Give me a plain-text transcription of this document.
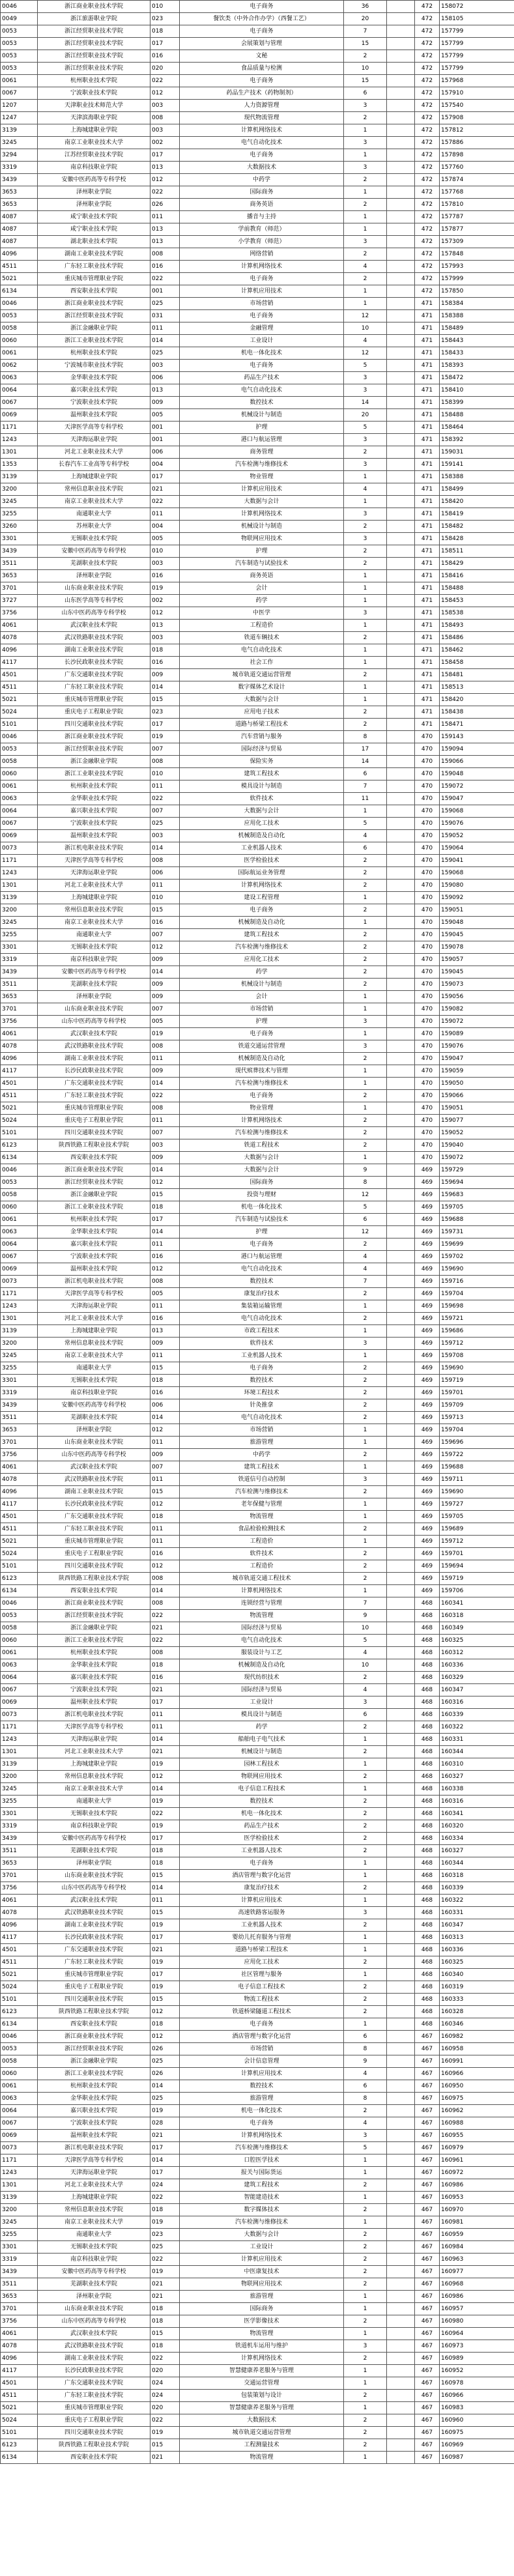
0046	浙江商业职业技术学院	010	电子商务	36		472	158072
0049	浙江旅游职业学院	023	餐饮类（中外合作办学）（西餐工艺）	20		472	158105
0053	浙江经贸职业技术学院	018	电子商务	7		472	157799
0053	浙江经贸职业技术学院	017	会展策划与管理	15		472	157799
0053	浙江经贸职业技术学院	016	文秘	2		472	157799
0053	浙江经贸职业技术学院	020	食品质量与检测	10		472	157799
0061	杭州职业技术学院	022	电子商务	15		472	157968
0067	宁波职业技术学院	012	药品生产技术（药物制剂）	6		472	157910
1207	天津职业技术师范大学	003	人力资源管理	3		472	157540
1247	天津滨海职业学院	008	现代物流管理	2		472	157908
3139	上海城建职业学院	003	计算机网络技术	1		472	157812
3245	南京工业职业技术大学	002	电气自动化技术	3		472	157886
3294	江苏经贸职业技术学院	017	电子商务	1		472	157898
3319	南京科技职业学院	013	大数据技术	3		472	157760
3439	安徽中医药高等专科学校	012	中药学	2		472	157874
3653	泽州职业学院	022	国际商务	1		472	157768
3653	泽州职业学院	026	商务英语	2		472	157810
4087	咸宁职业技术学院	011	播音与主持	1		472	157787
4087	咸宁职业技术学院	013	学前教育（师范）	1		472	157877
4087	湖北职业技术学院	013	小学教育（师范）	3		472	157309
4096	湖南工业职业技术学院	008	网络营销	2		472	157848
4511	广东轻工职业技术学院	016	计算机网络技术	4		472	157993
5021	重庆城市管理职业学院	022	电子商务	2		472	157999
6134	西安职业技术学院	001	计算机应用技术	1		472	157850
0046	浙江商业职业技术学院	025	市场营销	1		471	158384
0053	浙江经贸职业技术学院	031	电子商务	12		471	158388
0058	浙江金融职业学院	011	金融管理	10		471	158489
0060	浙江工业职业技术学院	014	工业设计	4		471	158443
0061	杭州职业技术学院	025	机电一体化技术	12		471	158433
0062	宁波城市职业技术学院	003	电子商务	5		471	158393
0063	金华职业技术学院	006	药品生产技术	3		471	158472
0064	嘉兴职业技术学院	013	电气自动化技术	3		471	158410
0067	宁波职业技术学院	009	数控技术	14		471	158399
0069	温州职业技术学院	005	机械设计与制造	20		471	158488
1171	天津医学高等专科学校	001	护理	5		471	158464
1243	天津海运职业学院	001	港口与航运管理	3		471	158392
1301	河北工业职业技术大学	006	商务管理	2		471	159031
1353	长春汽车工业高等专科学校	004	汽车检测与维修技术	3		471	159141
3139	上海城建职业学院	017	物业管理	1		471	158388
3200	常州信息职业技术学院	021	计算机应用技术	4		471	158499
3245	南京工业职业技术大学	022	大数据与会计	1		471	158420
3255	南通职业大学	011	计算机网络技术	3		471	158419
3260	苏州职业大学	004	机械设计与制造	2		471	158482
3301	无锡职业技术学院	005	物联网应用技术	3		471	158428
3439	安徽中医药高等专科学校	010	护理	2		471	158511
3511	芜湖职业技术学院	003	汽车制造与试验技术	2		471	158429
3653	泽州职业学院	016	商务英语	1		471	158416
3701	山东商业职业技术学院	019	会计	1		471	158488
3727	山东医学高等专科学校	002	药学	1		471	158453
3756	山东中医药高等专科学校	012	中医学	3		471	158538
4061	武汉职业技术学院	013	工程造价	1		471	158493
4078	武汉铁路职业技术学院	003	铁道车辆技术	2		471	158486
4096	湖南工业职业技术学院	018	电气自动化技术	1		471	158462
4117	长沙民政职业技术学院	016	社会工作	1		471	158458
4501	广东交通职业技术学院	009	城市轨道交通运营管理	2		471	158481
4511	广东轻工职业技术学院	014	数字媒体艺术设计	1		471	158513
5021	重庆城市管理职业学院	015	大数据与会计	1		471	158420
5024	重庆电子工程职业学院	023	应用电子技术	2		471	158438
5101	四川交通职业技术学院	017	道路与桥梁工程技术	2		471	158471
0046	浙江商业职业技术学院	019	汽车营销与服务	8		470	159143
0053	浙江经贸职业技术学院	007	国际经济与贸易	17		470	159094
0058	浙江金融职业学院	008	保险实务	14		470	159066
0060	浙江工业职业技术学院	010	建筑工程技术	6		470	159048
0061	杭州职业技术学院	011	模具设计与制造	7		470	159072
0063	金华职业技术学院	022	软件技术	11		470	159047
0064	嘉兴职业技术学院	007	大数据与会计	1		470	159068
0067	宁波职业技术学院	025	应用化工技术	5		470	159076
0069	温州职业技术学院	003	机械制造及自动化	4		470	159052
0073	浙江机电职业技术学院	014	工业机器人技术	6		470	159064
1171	天津医学高等专科学校	008	医学检验技术	2		470	159041
1243	天津海运职业学院	006	国际航运业务管理	2		470	159068
1301	河北工业职业技术大学	011	计算机网络技术	2		470	159080
3139	上海城建职业学院	010	建设工程管理	1		470	159092
3200	常州信息职业技术学院	015	电子商务	2		470	159051
3245	南京工业职业技术大学	016	机械制造及自动化	1		470	159048
3255	南通职业大学	007	建筑工程技术	2		470	159045
3301	无锡职业技术学院	012	汽车检测与维修技术	2		470	159078
3319	南京科技职业学院	009	应用化工技术	2		470	159057
3439	安徽中医药高等专科学校	014	药学	2		470	159045
3511	芜湖职业技术学院	009	机械设计与制造	2		470	159073
3653	泽州职业学院	009	会计	1		470	159056
3701	山东商业职业技术学院	007	市场营销	1		470	159082
3756	山东中医药高等专科学校	005	护理	3		470	159072
4061	武汉职业技术学院	019	电子商务	1		470	159089
4078	武汉铁路职业技术学院	008	铁道交通运营管理	3		470	159076
4096	湖南工业职业技术学院	011	机械制造及自动化	2		470	159047
4117	长沙民政职业技术学院	009	现代殡葬技术与管理	1		470	159059
4501	广东交通职业技术学院	014	汽车检测与维修技术	1		470	159050
4511	广东轻工职业技术学院	022	电子商务	2		470	159066
5021	重庆城市管理职业学院	008	物业管理	1		470	159051
5024	重庆电子工程职业学院	011	计算机网络技术	2		470	159077
5101	四川交通职业技术学院	007	汽车检测与维修技术	2		470	159052
6123	陕西铁路工程职业技术学院	003	铁道工程技术	2		470	159040
6134	西安职业技术学院	009	大数据与会计	1		470	159072
0046	浙江商业职业技术学院	014	大数据与会计	9		469	159729
0053	浙江经贸职业技术学院	012	国际商务	8		469	159694
0058	浙江金融职业学院	015	投资与理财	12		469	159683
0060	浙江工业职业技术学院	018	机电一体化技术	5		469	159705
0061	杭州职业技术学院	017	汽车制造与试验技术	6		469	159688
0063	金华职业技术学院	014	护理	12		469	159731
0064	嘉兴职业技术学院	011	电子商务	2		469	159699
0067	宁波职业技术学院	016	港口与航运管理	4		469	159702
0069	温州职业技术学院	012	电气自动化技术	4		469	159690
0073	浙江机电职业技术学院	008	数控技术	7		469	159716
1171	天津医学高等专科学校	005	康复治疗技术	2		469	159704
1243	天津海运职业学院	011	集装箱运输管理	1		469	159698
1301	河北工业职业技术大学	016	电气自动化技术	2		469	159721
3139	上海城建职业学院	013	市政工程技术	1		469	159686
3200	常州信息职业技术学院	009	软件技术	3		469	159712
3245	南京工业职业技术大学	011	工业机器人技术	1		469	159708
3255	南通职业大学	015	电子商务	2		469	159690
3301	无锡职业技术学院	018	数控技术	2		469	159719
3319	南京科技职业学院	016	环境工程技术	2		469	159701
3439	安徽中医药高等专科学校	006	针灸推拿	2		469	159709
3511	芜湖职业技术学院	014	电气自动化技术	2		469	159713
3653	泽州职业学院	012	市场营销	1		469	159704
3701	山东商业职业技术学院	011	旅游管理	1		469	159696
3756	山东中医药高等专科学校	009	中药学	2		469	159722
4061	武汉职业技术学院	007	建筑工程技术	1		469	159688
4078	武汉铁路职业技术学院	011	铁道信号自动控制	3		469	159711
4096	湖南工业职业技术学院	015	汽车检测与维修技术	2		469	159690
4117	长沙民政职业技术学院	012	老年保健与管理	1		469	159727
4501	广东交通职业技术学院	018	物流管理	1		469	159705
4511	广东轻工职业技术学院	011	食品检验检测技术	2		469	159689
5021	重庆城市管理职业学院	011	工程造价	1		469	159712
5024	重庆电子工程职业学院	016	软件技术	2		469	159701
5101	四川交通职业技术学院	012	工程造价	2		469	159694
6123	陕西铁路工程职业技术学院	008	城市轨道交通工程技术	2		469	159719
6134	西安职业技术学院	014	计算机网络技术	1		469	159706
0046	浙江商业职业技术学院	008	连锁经营与管理	7		468	160341
0053	浙江经贸职业技术学院	022	物流管理	9		468	160318
0058	浙江金融职业学院	021	国际经济与贸易	10		468	160349
0060	浙江工业职业技术学院	022	电气自动化技术	5		468	160325
0061	杭州职业技术学院	008	服装设计与工艺	4		468	160312
0063	金华职业技术学院	018	机械制造及自动化	10		468	160336
0064	嘉兴职业技术学院	016	现代纺织技术	2		468	160329
0067	宁波职业技术学院	021	国际经济与贸易	4		468	160347
0069	温州职业技术学院	017	工业设计	3		468	160316
0073	浙江机电职业技术学院	011	模具设计与制造	6		468	160339
1171	天津医学高等专科学校	011	药学	2		468	160322
1243	天津海运职业学院	014	船舶电子电气技术	1		468	160331
1301	河北工业职业技术大学	021	机械设计与制造	2		468	160344
3139	上海城建职业学院	019	园林工程技术	1		468	160310
3200	常州信息职业技术学院	012	物联网应用技术	2		468	160327
3245	南京工业职业技术大学	014	电子信息工程技术	1		468	160338
3255	南通职业大学	019	数控技术	2		468	160316
3301	无锡职业技术学院	022	机电一体化技术	2		468	160341
3319	南京科技职业学院	019	药品生产技术	2		468	160320
3439	安徽中医药高等专科学校	017	医学检验技术	2		468	160334
3511	芜湖职业技术学院	018	工业机器人技术	2		468	160327
3653	泽州职业学院	018	电子商务	1		468	160344
3701	山东商业职业技术学院	015	酒店管理与数字化运营	1		468	160318
3756	山东中医药高等专科学校	014	康复治疗技术	2		468	160339
4061	武汉职业技术学院	011	计算机应用技术	1		468	160322
4078	武汉铁路职业技术学院	015	高速铁路客运服务	3		468	160331
4096	湖南工业职业技术学院	019	工业机器人技术	2		468	160347
4117	长沙民政职业技术学院	017	婴幼儿托育服务与管理	1		468	160313
4501	广东交通职业技术学院	021	道路与桥梁工程技术	1		468	160336
4511	广东轻工职业技术学院	019	应用化工技术	2		468	160325
5021	重庆城市管理职业学院	017	社区管理与服务	1		468	160340
5024	重庆电子工程职业学院	019	电子信息工程技术	2		468	160319
5101	四川交通职业技术学院	015	物流工程技术	2		468	160333
6123	陕西铁路工程职业技术学院	012	铁道桥梁隧道工程技术	2		468	160328
6134	西安职业技术学院	018	电子商务	1		468	160346
0046	浙江商业职业技术学院	012	酒店管理与数字化运营	6		467	160982
0053	浙江经贸职业技术学院	026	市场营销	8		467	160958
0058	浙江金融职业学院	025	会计信息管理	9		467	160991
0060	浙江工业职业技术学院	026	计算机应用技术	4		467	160966
0061	杭州职业技术学院	014	数控技术	6		467	160950
0063	金华职业技术学院	025	旅游管理	8		467	160975
0064	嘉兴职业技术学院	019	机电一体化技术	2		467	160962
0067	宁波职业技术学院	028	电子商务	4		467	160988
0069	温州职业技术学院	021	计算机网络技术	3		467	160955
0073	浙江机电职业技术学院	017	汽车检测与维修技术	5		467	160979
1171	天津医学高等专科学校	014	口腔医学技术	1		467	160961
1243	天津海运职业学院	017	报关与国际货运	1		467	160972
1301	河北工业职业技术大学	024	建筑工程技术	2		467	160986
3139	上海城建职业学院	022	智能建造技术	1		467	160953
3200	常州信息职业技术学院	018	数字媒体技术	2		467	160970
3245	南京工业职业技术大学	019	汽车检测与维修技术	1		467	160981
3255	南通职业大学	023	大数据与会计	2		467	160959
3301	无锡职业技术学院	025	工业设计	2		467	160984
3319	南京科技职业学院	022	计算机应用技术	2		467	160963
3439	安徽中医药高等专科学校	019	中医康复技术	2		467	160977
3511	芜湖职业技术学院	021	物联网应用技术	2		467	160968
3653	泽州职业学院	021	旅游管理	1		467	160986
3701	山东商业职业技术学院	018	国际商务	1		467	160957
3756	山东中医药高等专科学校	018	医学影像技术	2		467	160980
4061	武汉职业技术学院	015	物流管理	1		467	160964
4078	武汉铁路职业技术学院	018	铁道机车运用与维护	3		467	160973
4096	湖南工业职业技术学院	022	计算机网络技术	2		467	160989
4117	长沙民政职业技术学院	020	智慧健康养老服务与管理	1		467	160952
4501	广东交通职业技术学院	024	交通运营管理	1		467	160978
4511	广东轻工职业技术学院	024	包装策划与设计	2		467	160966
5021	重庆城市管理职业学院	020	智慧健康养老服务与管理	1		467	160983
5024	重庆电子工程职业学院	022	大数据技术	2		467	160960
5101	四川交通职业技术学院	019	城市轨道交通运营管理	2		467	160975
6123	陕西铁路工程职业技术学院	015	工程测量技术	2		467	160969
6134	西安职业技术学院	021	物流管理	1		467	160987
